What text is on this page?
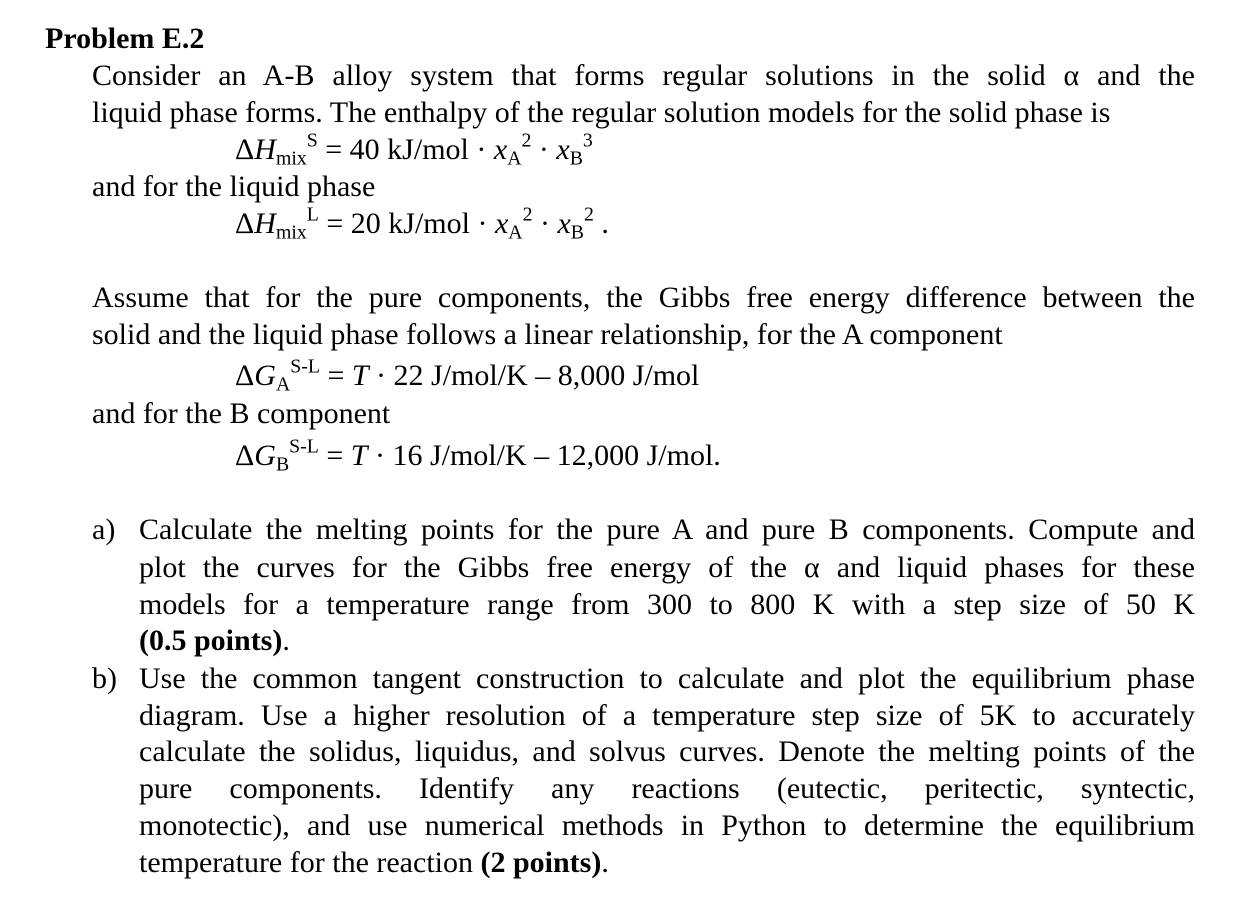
Problem E.2
Consider an A-B alloy system that forms regular solutions in the solid α and the
liquid phase forms. The enthalpy of the regular solution models for the solid phase is
$\Delta H_{mix}^S = 40$ $kJ/mol \cdot x_A^2 \cdot x_B^3$
and for the liquid phase
$\Delta H_{mix}^L = 20$ $kJ/mol \cdot x_A^2 \cdot x_B^2$ .
Assume that for the pure components, the Gibbs free energy difference between the
solid and the liquid phase follows a linear relationship, for the A component
$\Delta G_A^{S-L} = T \cdot 22$ J/mol/K – 8,000 J/mol
and for the B component
$\Delta G_B^{S-L} = T \cdot 16$ J/mol/K – 12,000 J/mol.
a) Calculate the melting points for the pure A and pure B components. Compute and
plot the curves for the Gibbs free energy of the α and liquid phases for these
models for a temperature range from 300 to 800 K with a step size of 50 K
(0.5 points).
b) Use the common tangent construction to calculate and plot the equilibrium phase
diagram. Use a higher resolution of a temperature step size of 5K to accurately
calculate the solidus, liquidus, and solvus curves. Denote the melting points of the
pure components. Identify any reactions (eutectic, peritectic, syntectic,
monotectic), and use numerical methods in Python to determine the equilibrium
temperature for the reaction (2 points).
